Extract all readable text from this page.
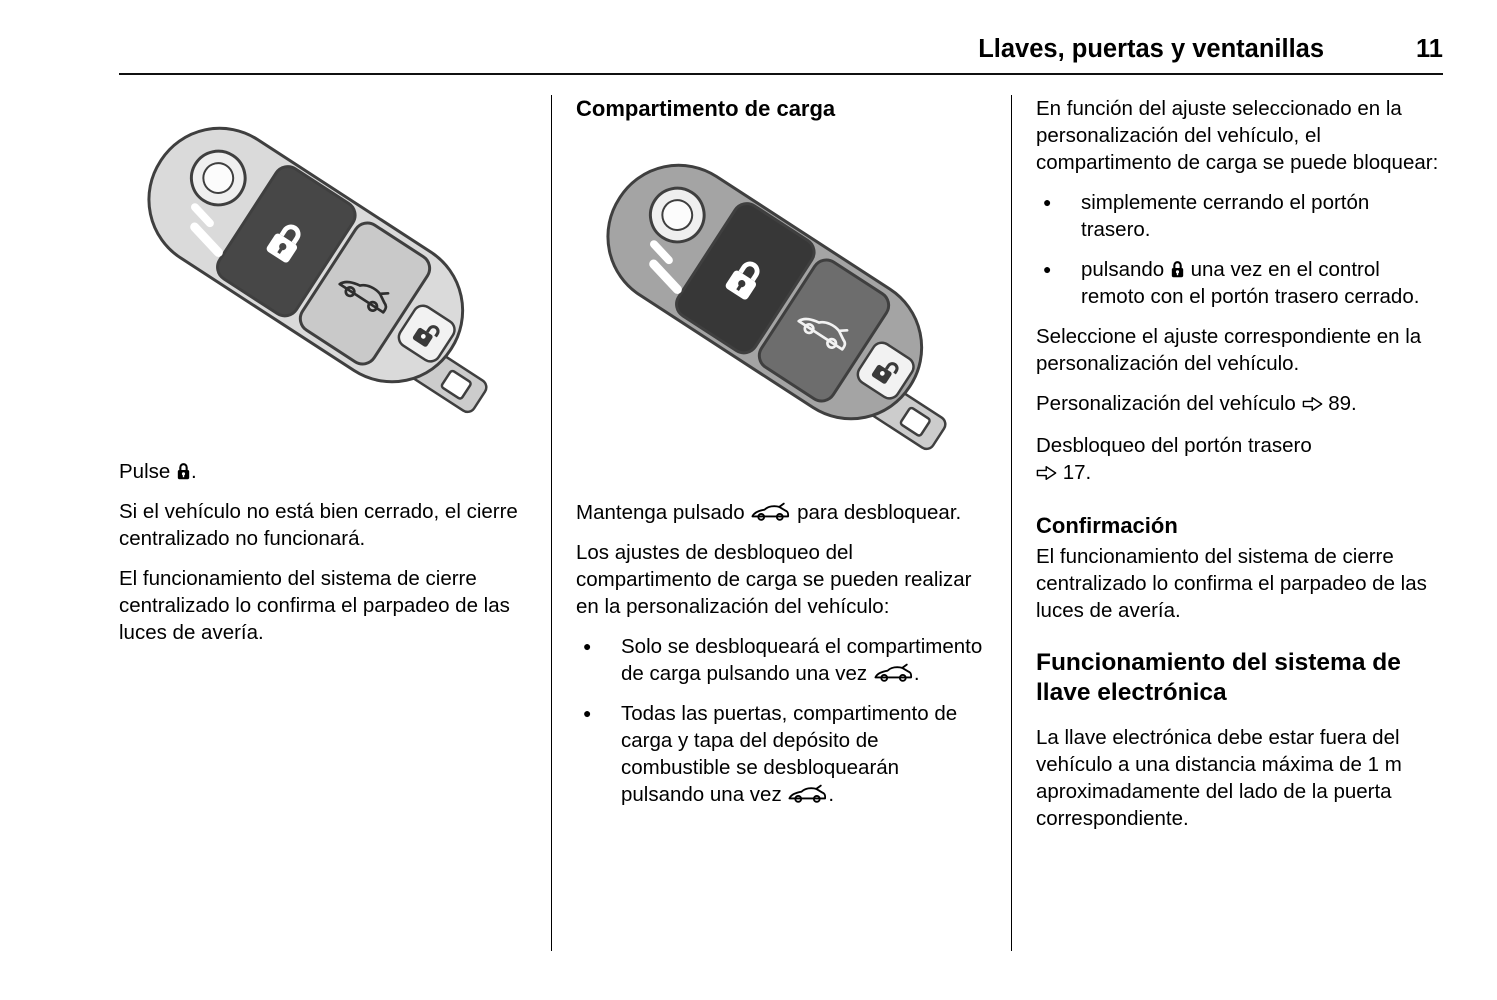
Llaves, puertas y ventanillas	11

Pulse .

Si el vehículo no está bien cerrado, el cierre centralizado no funcionará.

El funcionamiento del sistema de cierre centralizado lo confirma el parpadeo de las luces de avería.

Compartimento de carga

Mantenga pulsado	para desbloquear.

Los ajustes de desbloqueo del compartimento de carga se pueden realizar en la personalización del vehículo:

●	Solo se desbloqueará el compartimento de carga pulsando una vez .
●	Todas las puertas, compartimento de carga y tapa del depósito de combustible se desbloquearán pulsando una vez .

En función del ajuste seleccionado en la personalización del vehículo, el compartimento de carga se puede bloquear:

●	simplemente cerrando el portón trasero.
●	pulsando una vez en el control remoto con el portón trasero cerrado.

Seleccione el ajuste correspondiente en la personalización del vehículo.

Personalización del vehículo 89.

Desbloqueo del portón trasero
17.

Confirmación

El funcionamiento del sistema de cierre centralizado lo confirma el parpadeo de las luces de avería.

Funcionamiento del sistema de llave electrónica

La llave electrónica debe estar fuera del vehículo a una distancia máxima de 1 m aproximadamente del lado de la puerta correspondiente.
